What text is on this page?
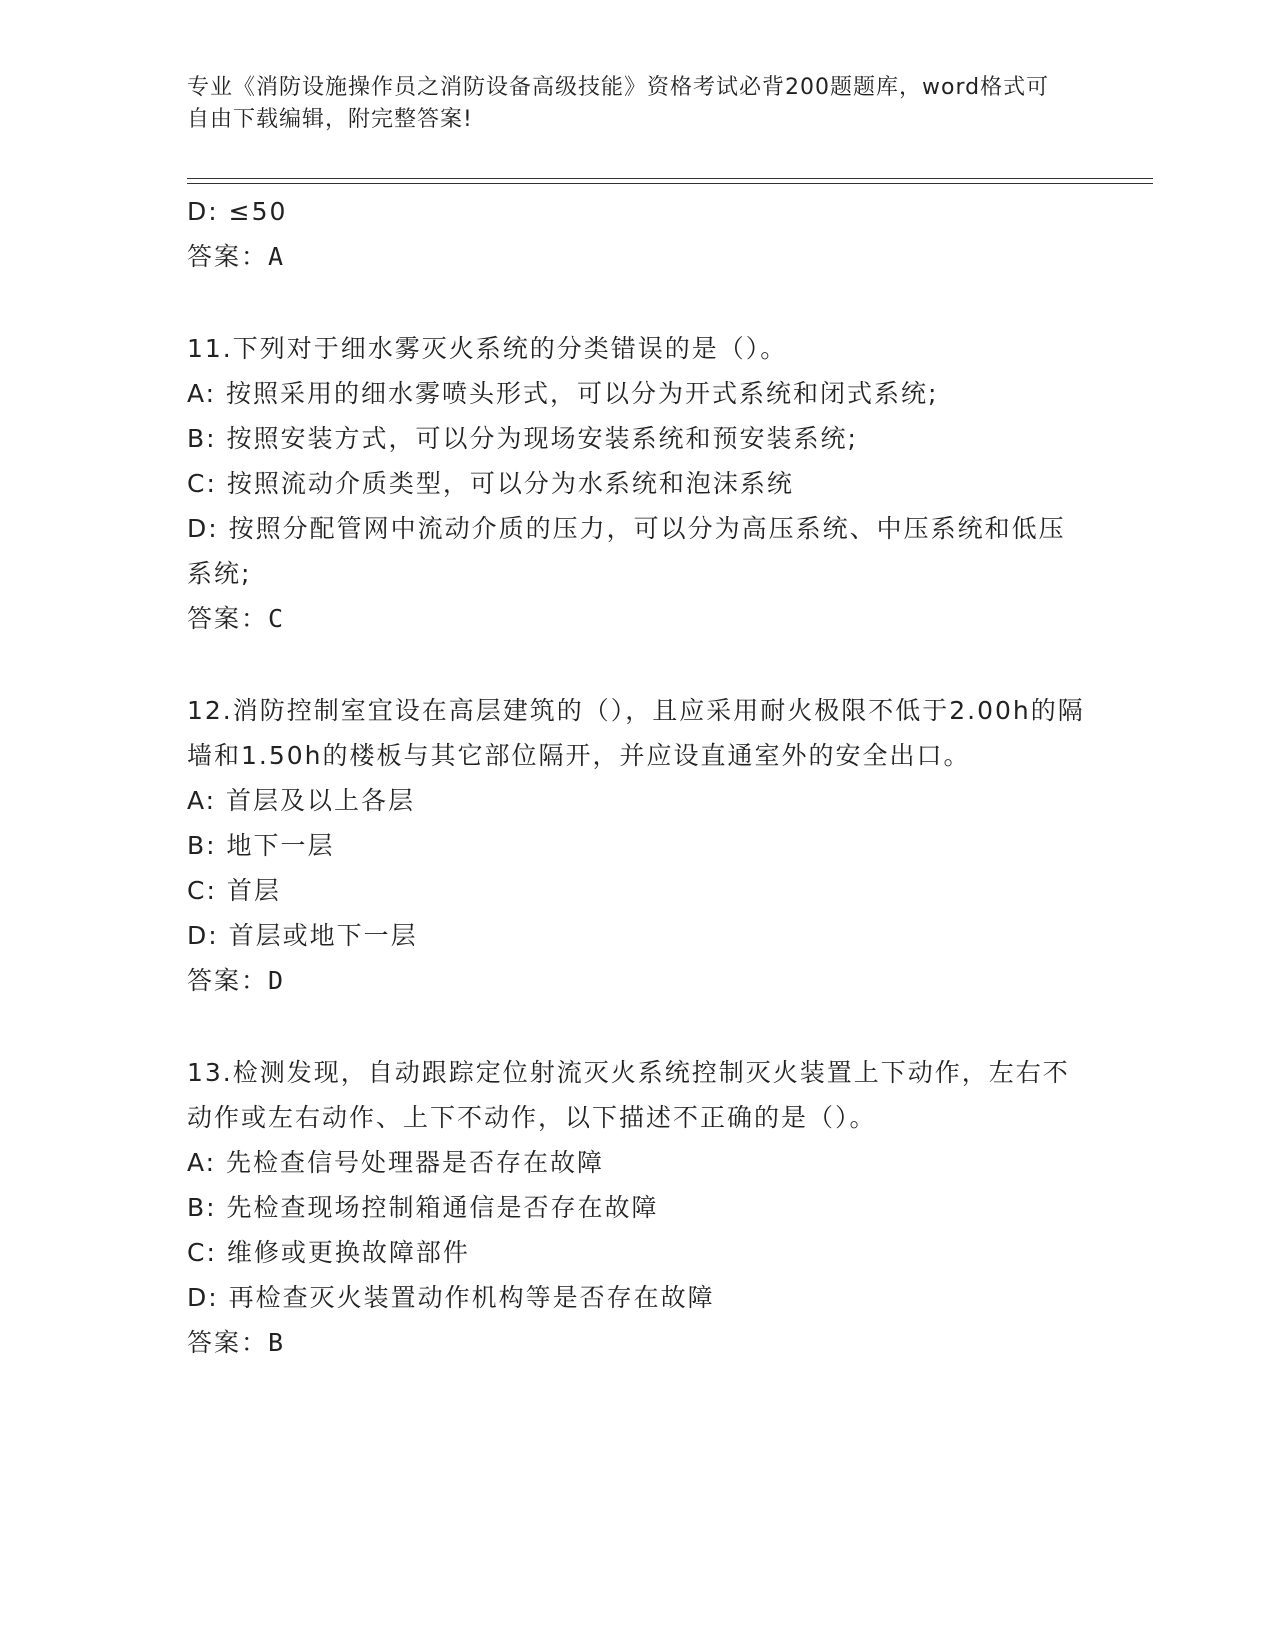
专业《消防设施操作员之消防设备高级技能》资格考试必背200题题库，word格式可自由下载编辑，附完整答案!

D: ≤50

答案：A

11.下列对于细水雾灭火系统的分类错误的是（）。

A: 按照采用的细水雾喷头形式，可以分为开式系统和闭式系统;

B: 按照安装方式，可以分为现场安装系统和预安装系统;

C: 按照流动介质类型，可以分为水系统和泡沫系统

D: 按照分配管网中流动介质的压力，可以分为高压系统、中压系统和低压系统;

答案：C

12.消防控制室宜设在高层建筑的（），且应采用耐火极限不低于2.00h的隔墙和1.50h的楼板与其它部位隔开，并应设直通室外的安全出口。

A: 首层及以上各层

B: 地下一层

C: 首层

D: 首层或地下一层

答案：D

13.检测发现，自动跟踪定位射流灭火系统控制灭火装置上下动作，左右不动作或左右动作、上下不动作，以下描述不正确的是（）。

A: 先检查信号处理器是否存在故障

B: 先检查现场控制箱通信是否存在故障

C: 维修或更换故障部件

D: 再检查灭火装置动作机构等是否存在故障

答案：B
